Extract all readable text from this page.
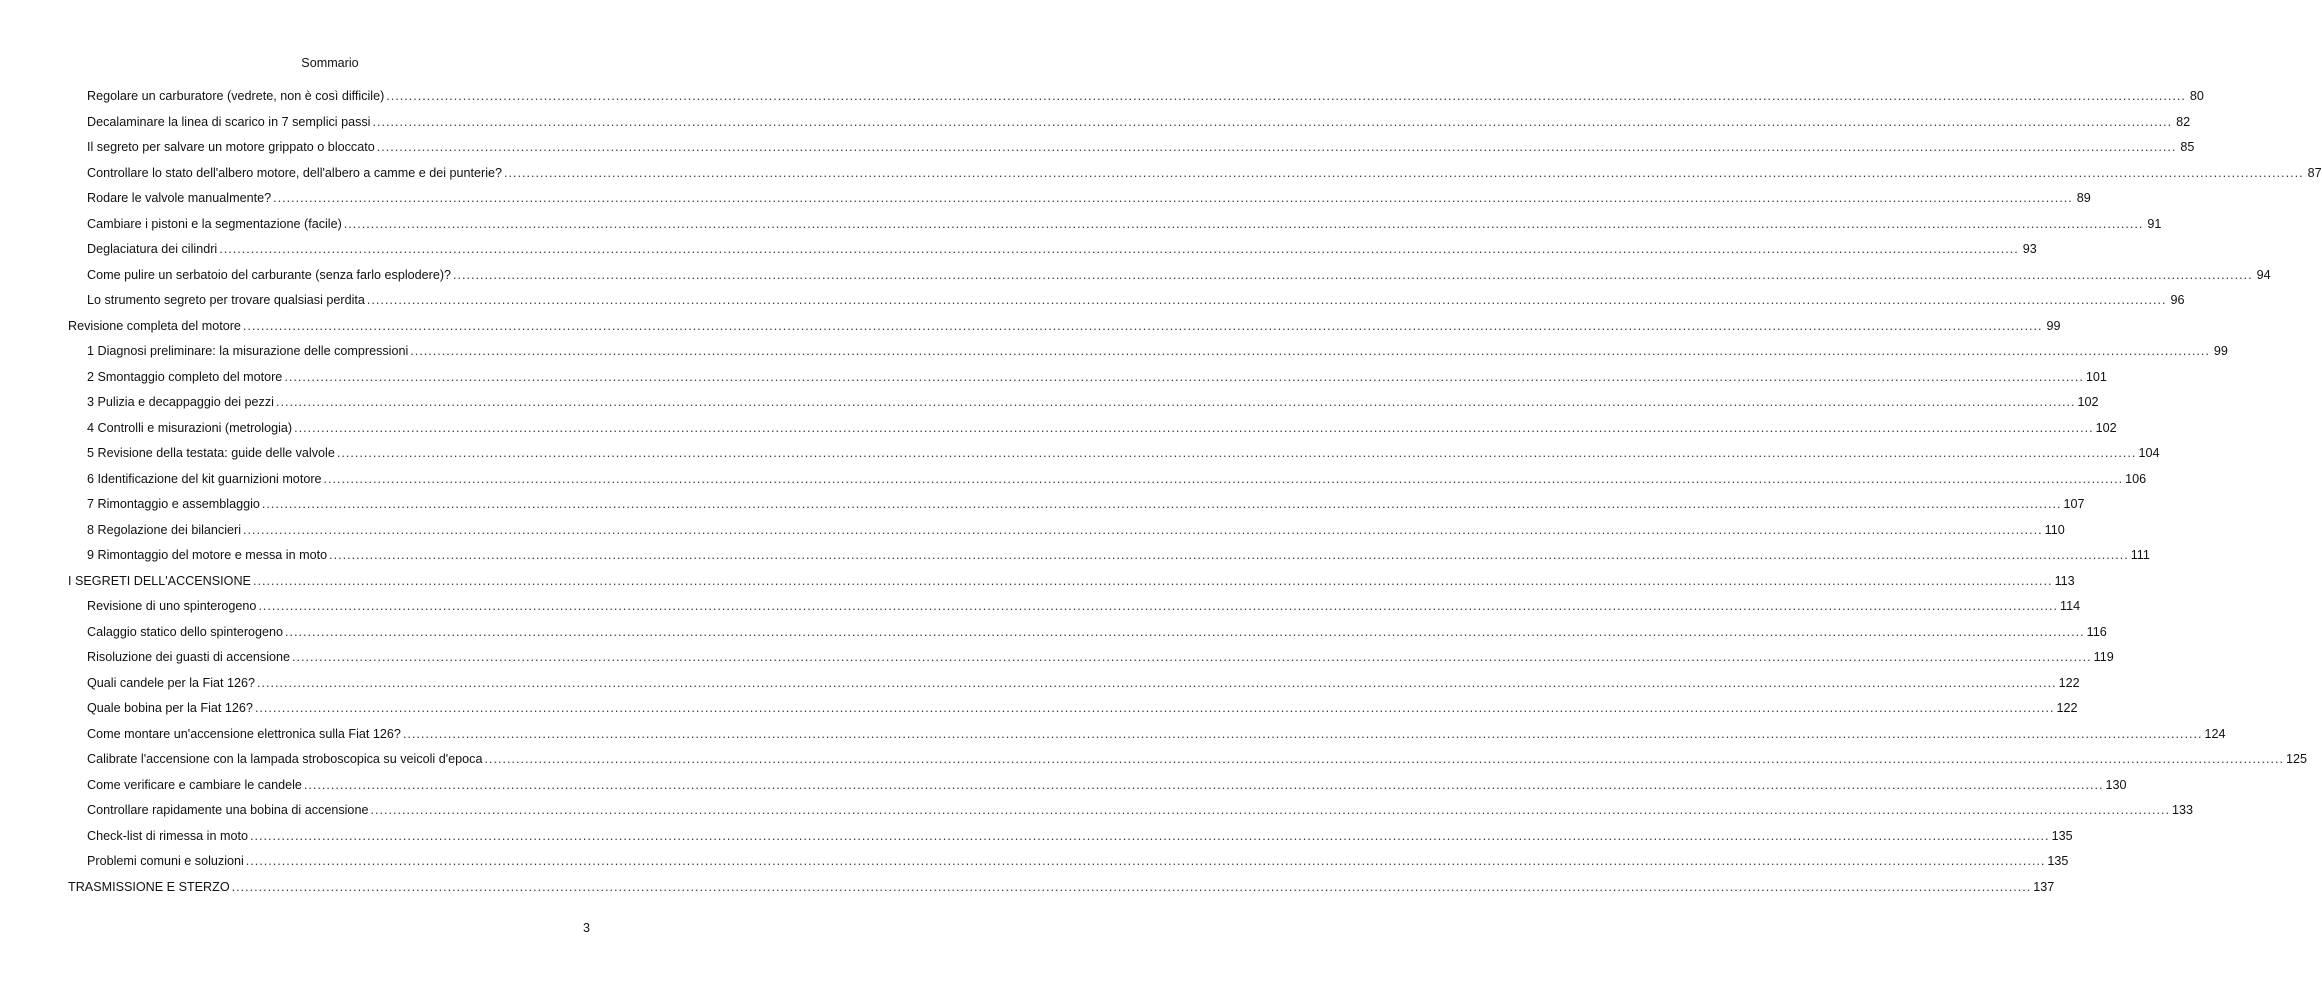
Sommario
Regolare un carburatore (vedrete, non è così difficile) ................................................................................................................................................................................................................................................................................................................................................................................................................ 80
Decalaminare la linea di scarico in 7 semplici passi ................................................................................................................................................................................................................................................................................................................................................................................................................ 82
Il segreto per salvare un motore grippato o bloccato ................................................................................................................................................................................................................................................................................................................................................................................................................ 85
Controllare lo stato dell'albero motore, dell'albero a camme e dei punterie? ................................................................................................................................................................................................................................................................................................................................................................................................................ 87
Rodare le valvole manualmente? ................................................................................................................................................................................................................................................................................................................................................................................................................ 89
Cambiare i pistoni e la segmentazione (facile) ................................................................................................................................................................................................................................................................................................................................................................................................................ 91
Deglaciatura dei cilindri ................................................................................................................................................................................................................................................................................................................................................................................................................ 93
Come pulire un serbatoio del carburante (senza farlo esplodere)? ................................................................................................................................................................................................................................................................................................................................................................................................................ 94
Lo strumento segreto per trovare qualsiasi perdita ................................................................................................................................................................................................................................................................................................................................................................................................................ 96
Revisione completa del motore ................................................................................................................................................................................................................................................................................................................................................................................................................ 99
1 Diagnosi preliminare: la misurazione delle compressioni ................................................................................................................................................................................................................................................................................................................................................................................................................ 99
2 Smontaggio completo del motore ................................................................................................................................................................................................................................................................................................................................................................................................................ 101
3 Pulizia e decappaggio dei pezzi ................................................................................................................................................................................................................................................................................................................................................................................................................ 102
4 Controlli e misurazioni (metrologia) ................................................................................................................................................................................................................................................................................................................................................................................................................ 102
5 Revisione della testata: guide delle valvole ................................................................................................................................................................................................................................................................................................................................................................................................................ 104
6 Identificazione del kit guarnizioni motore ................................................................................................................................................................................................................................................................................................................................................................................................................ 106
7 Rimontaggio e assemblaggio ................................................................................................................................................................................................................................................................................................................................................................................................................ 107
8 Regolazione dei bilancieri ................................................................................................................................................................................................................................................................................................................................................................................................................ 110
9 Rimontaggio del motore e messa in moto ................................................................................................................................................................................................................................................................................................................................................................................................................ 111
I SEGRETI DELL'ACCENSIONE ................................................................................................................................................................................................................................................................................................................................................................................................................ 113
Revisione di uno spinterogeno ................................................................................................................................................................................................................................................................................................................................................................................................................ 114
Calaggio statico dello spinterogeno ................................................................................................................................................................................................................................................................................................................................................................................................................ 116
Risoluzione dei guasti di accensione ................................................................................................................................................................................................................................................................................................................................................................................................................ 119
Quali candele per la Fiat 126? ................................................................................................................................................................................................................................................................................................................................................................................................................ 122
Quale bobina per la Fiat 126? ................................................................................................................................................................................................................................................................................................................................................................................................................ 122
Come montare un'accensione elettronica sulla Fiat 126? ................................................................................................................................................................................................................................................................................................................................................................................................................ 124
Calibrate l'accensione con la lampada stroboscopica su veicoli d'epoca ................................................................................................................................................................................................................................................................................................................................................................................................................ 125
Come verificare e cambiare le candele ................................................................................................................................................................................................................................................................................................................................................................................................................ 130
Controllare rapidamente una bobina di accensione ................................................................................................................................................................................................................................................................................................................................................................................................................ 133
Check-list di rimessa in moto ................................................................................................................................................................................................................................................................................................................................................................................................................ 135
Problemi comuni e soluzioni ................................................................................................................................................................................................................................................................................................................................................................................................................ 135
TRASMISSIONE E STERZO ................................................................................................................................................................................................................................................................................................................................................................................................................ 137
3
